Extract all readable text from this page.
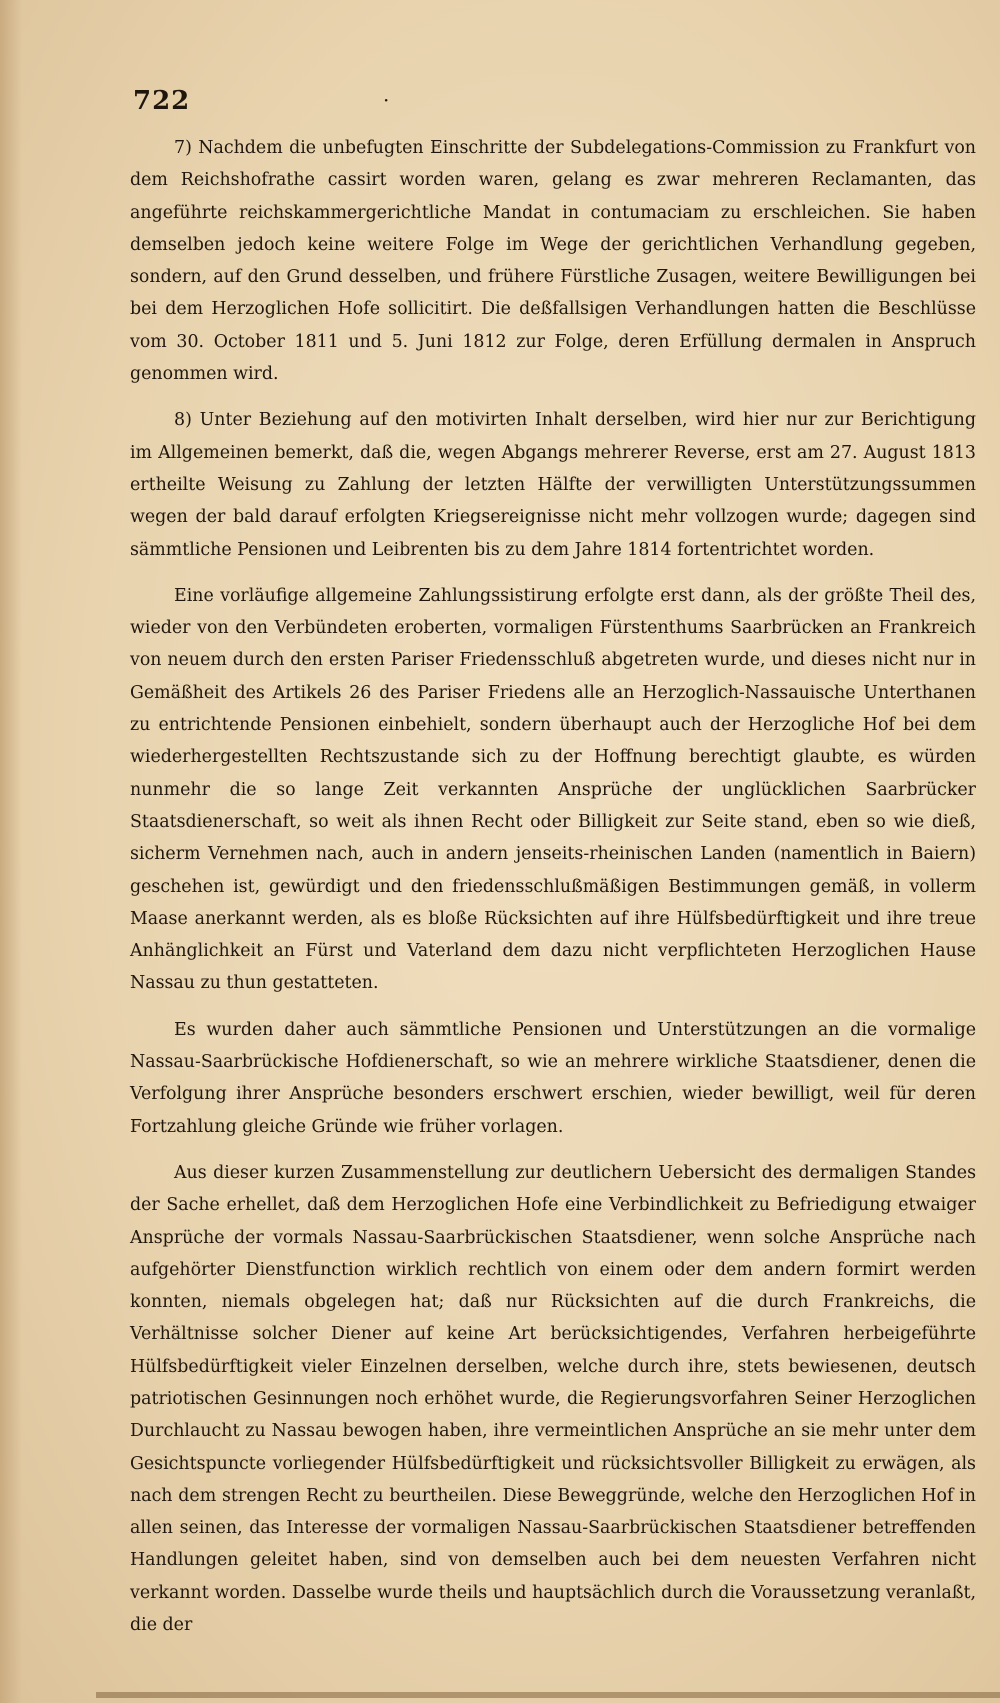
722	·

7) Nachdem die unbefugten Einschritte der Subdelegations-Commission zu Frankfurt von dem Reichshofrathe cassirt worden waren, gelang es zwar mehreren Reclamanten, das angeführte reichskammergerichtliche Mandat in contumaciam zu erschleichen. Sie haben demselben jedoch keine weitere Folge im Wege der gerichtlichen Verhandlung gegeben, sondern, auf den Grund desselben, und frühere Fürstliche Zusagen, weitere Bewilligungen bei bei dem Herzoglichen Hofe sollicitirt. Die deßfallsigen Verhandlungen hatten die Beschlüsse vom 30. October 1811 und 5. Juni 1812 zur Folge, deren Erfüllung dermalen in Anspruch genommen wird.

8) Unter Beziehung auf den motivirten Inhalt derselben, wird hier nur zur Berichtigung im Allgemeinen bemerkt, daß die, wegen Abgangs mehrerer Reverse, erst am 27. August 1813 ertheilte Weisung zu Zahlung der letzten Hälfte der verwilligten Unterstützungssummen wegen der bald darauf erfolgten Kriegsereignisse nicht mehr vollzogen wurde; dagegen sind sämmtliche Pensionen und Leibrenten bis zu dem Jahre 1814 fortentrichtet worden.

Eine vorläufige allgemeine Zahlungssistirung erfolgte erst dann, als der größte Theil des, wieder von den Verbündeten eroberten, vormaligen Fürstenthums Saarbrücken an Frankreich von neuem durch den ersten Pariser Friedensschluß abgetreten wurde, und dieses nicht nur in Gemäßheit des Artikels 26 des Pariser Friedens alle an Herzoglich-Nassauische Unterthanen zu entrichtende Pensionen einbehielt, sondern überhaupt auch der Herzogliche Hof bei dem wiederhergestellten Rechtszustande sich zu der Hoffnung berechtigt glaubte, es würden nunmehr die so lange Zeit verkannten Ansprüche der unglücklichen Saarbrücker Staatsdienerschaft, so weit als ihnen Recht oder Billigkeit zur Seite stand, eben so wie dieß, sicherm Vernehmen nach, auch in andern jenseits-rheinischen Landen (namentlich in Baiern) geschehen ist, gewürdigt und den friedensschlußmäßigen Bestimmungen gemäß, in vollerm Maase anerkannt werden, als es bloße Rücksichten auf ihre Hülfsbedürftigkeit und ihre treue Anhänglichkeit an Fürst und Vaterland dem dazu nicht verpflichteten Herzoglichen Hause Nassau zu thun gestatteten.

Es wurden daher auch sämmtliche Pensionen und Unterstützungen an die vormalige Nassau-Saarbrückische Hofdienerschaft, so wie an mehrere wirkliche Staatsdiener, denen die Verfolgung ihrer Ansprüche besonders erschwert erschien, wieder bewilligt, weil für deren Fortzahlung gleiche Gründe wie früher vorlagen.

Aus dieser kurzen Zusammenstellung zur deutlichern Uebersicht des dermaligen Standes der Sache erhellet, daß dem Herzoglichen Hofe eine Verbindlichkeit zu Befriedigung etwaiger Ansprüche der vormals Nassau-Saarbrückischen Staatsdiener, wenn solche Ansprüche nach aufgehörter Dienstfunction wirklich rechtlich von einem oder dem andern formirt werden konnten, niemals obgelegen hat; daß nur Rücksichten auf die durch Frankreichs, die Verhältnisse solcher Diener auf keine Art berücksichtigendes, Verfahren herbeigeführte Hülfsbedürftigkeit vieler Einzelnen derselben, welche durch ihre, stets bewiesenen, deutsch patriotischen Gesinnungen noch erhöhet wurde, die Regierungsvorfahren Seiner Herzoglichen Durchlaucht zu Nassau bewogen haben, ihre vermeintlichen Ansprüche an sie mehr unter dem Gesichtspuncte vorliegender Hülfsbedürftigkeit und rücksichtsvoller Billigkeit zu erwägen, als nach dem strengen Recht zu beurtheilen. Diese Beweggründe, welche den Herzoglichen Hof in allen seinen, das Interesse der vormaligen Nassau-Saarbrückischen Staatsdiener betreffenden Handlungen geleitet haben, sind von demselben auch bei dem neuesten Verfahren nicht verkannt worden. Dasselbe wurde theils und hauptsächlich durch die Voraussetzung veranlaßt, die der
